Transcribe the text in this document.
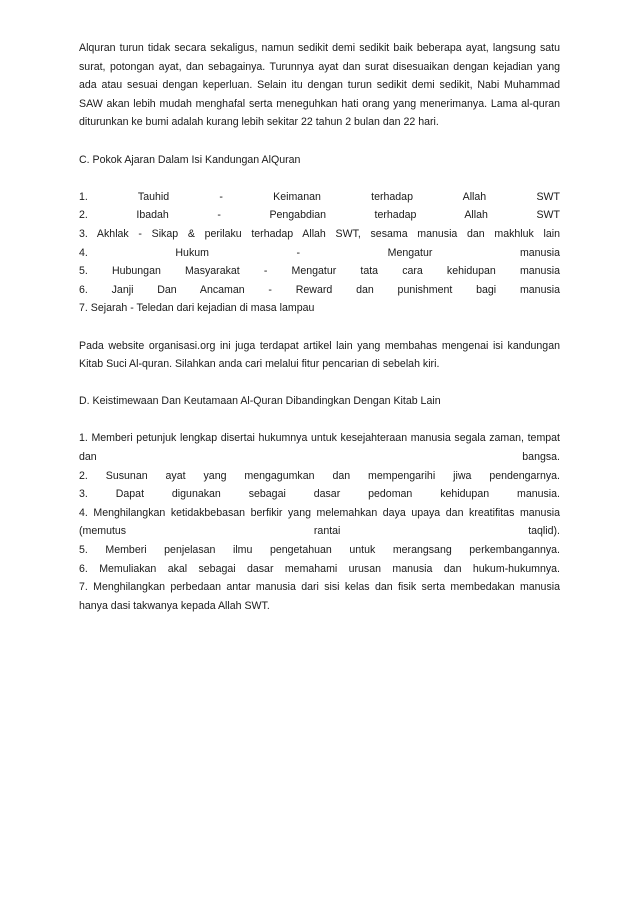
Alquran turun tidak secara sekaligus, namun sedikit demi sedikit baik beberapa ayat, langsung satu

surat, potongan ayat, dan sebagainya. Turunnya ayat dan surat disesuaikan dengan kejadian yang

ada atau sesuai dengan keperluan. Selain itu dengan turun sedikit demi sedikit, Nabi Muhammad

SAW akan lebih mudah menghafal serta meneguhkan hati orang yang menerimanya. Lama al-quran

diturunkan ke bumi adalah kurang lebih sekitar 22 tahun 2 bulan dan 22 hari.

C. Pokok Ajaran Dalam Isi Kandungan AlQuran

1. Tauhid - Keimanan terhadap Allah SWT

2. Ibadah - Pengabdian terhadap Allah SWT

3. Akhlak - Sikap & perilaku terhadap Allah SWT, sesama manusia dan makhluk lain

4. Hukum - Mengatur manusia

5. Hubungan Masyarakat - Mengatur tata cara kehidupan manusia

6. Janji Dan Ancaman - Reward dan punishment bagi manusia

7. Sejarah - Teledan dari kejadian di masa lampau

Pada website organisasi.org ini juga terdapat artikel lain yang membahas mengenai isi kandungan

Kitab Suci Al-quran. Silahkan anda cari melalui fitur pencarian di sebelah kiri.

D. Keistimewaan Dan Keutamaan Al-Quran Dibandingkan Dengan Kitab Lain

1. Memberi petunjuk lengkap disertai hukumnya untuk kesejahteraan manusia segala zaman, tempat

dan bangsa.

2. Susunan ayat yang mengagumkan dan mempengarihi jiwa pendengarnya.

3. Dapat digunakan sebagai dasar pedoman kehidupan manusia.

4. Menghilangkan ketidakbebasan berfikir yang melemahkan daya upaya dan kreatifitas manusia

(memutus rantai taqlid).

5. Memberi penjelasan ilmu pengetahuan untuk merangsang perkembangannya.

6. Memuliakan akal sebagai dasar memahami urusan manusia dan hukum-hukumnya.

7. Menghilangkan perbedaan antar manusia dari sisi kelas dan fisik serta membedakan manusia

hanya dasi takwanya kepada Allah SWT.
